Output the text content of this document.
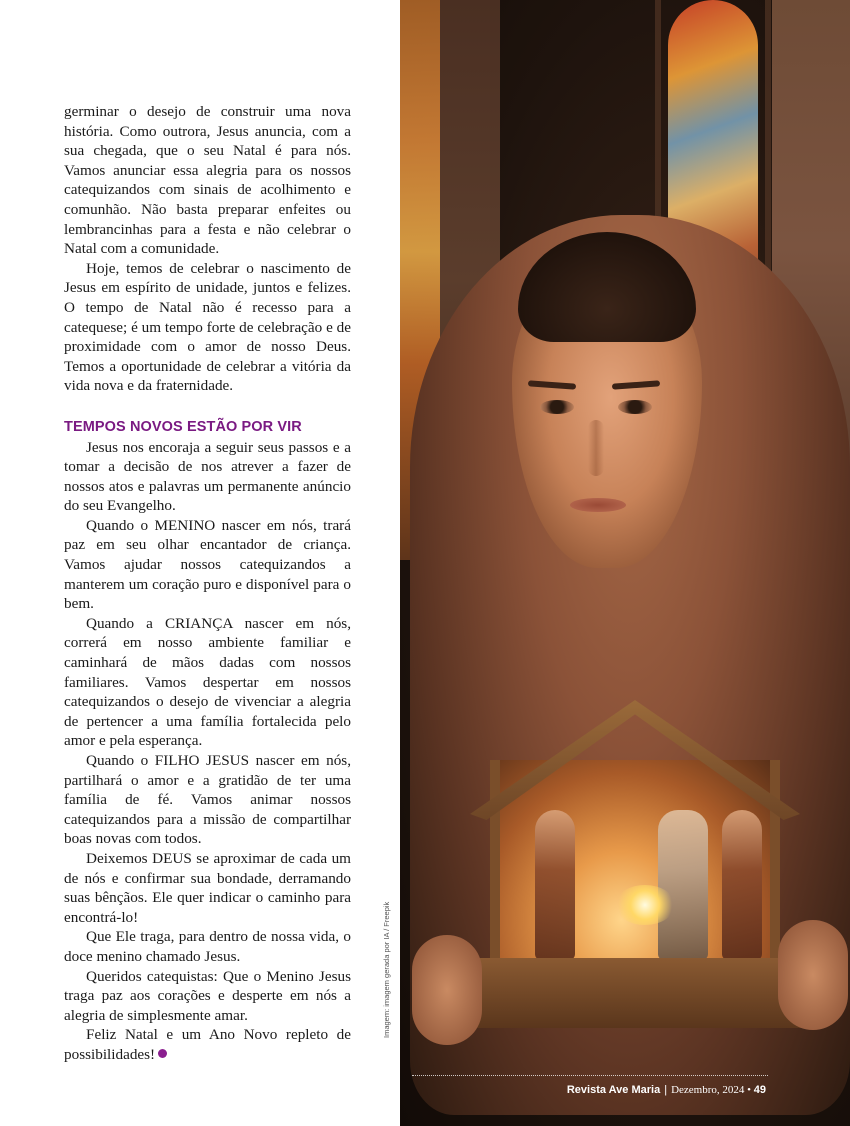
germinar o desejo de construir uma nova história. Como outrora, Jesus anuncia, com a sua chegada, que o seu Natal é para nós. Vamos anunciar essa alegria para os nossos catequizandos com sinais de acolhimento e comunhão. Não basta preparar enfeites ou lembrancinhas para a festa e não celebrar o Natal com a comunidade.

Hoje, temos de celebrar o nascimento de Jesus em espírito de unidade, juntos e felizes. O tempo de Natal não é recesso para a catequese; é um tempo forte de celebração e de proximidade com o amor de nosso Deus. Temos a oportunidade de celebrar a vitória da vida nova e da fraternidade.

TEMPOS NOVOS ESTÃO POR VIR

Jesus nos encoraja a seguir seus passos e a tomar a decisão de nos atrever a fazer de nossos atos e palavras um permanente anúncio do seu Evangelho.

Quando o MENINO nascer em nós, trará paz em seu olhar encantador de criança. Vamos ajudar nossos catequizandos a manterem um coração puro e disponível para o bem.

Quando a CRIANÇA nascer em nós, correrá em nosso ambiente familiar e caminhará de mãos dadas com nossos familiares. Vamos despertar em nossos catequizandos o desejo de vivenciar a alegria de pertencer a uma família fortalecida pelo amor e pela esperança.

Quando o FILHO JESUS nascer em nós, partilhará o amor e a gratidão de ter uma família de fé. Vamos animar nossos catequizandos para a missão de compartilhar boas novas com todos.

Deixemos DEUS se aproximar de cada um de nós e confirmar sua bondade, derramando suas bênçãos. Ele quer indicar o caminho para encontrá-lo!

Que Ele traga, para dentro de nossa vida, o doce menino chamado Jesus.

Queridos catequistas: Que o Menino Jesus traga paz aos corações e desperte em nós a alegria de simplesmente amar.

Feliz Natal e um Ano Novo repleto de possibilidades!

Imagem: imagem gerada por IA / Freepik
Revista Ave Maria | Dezembro, 2024 • 49
